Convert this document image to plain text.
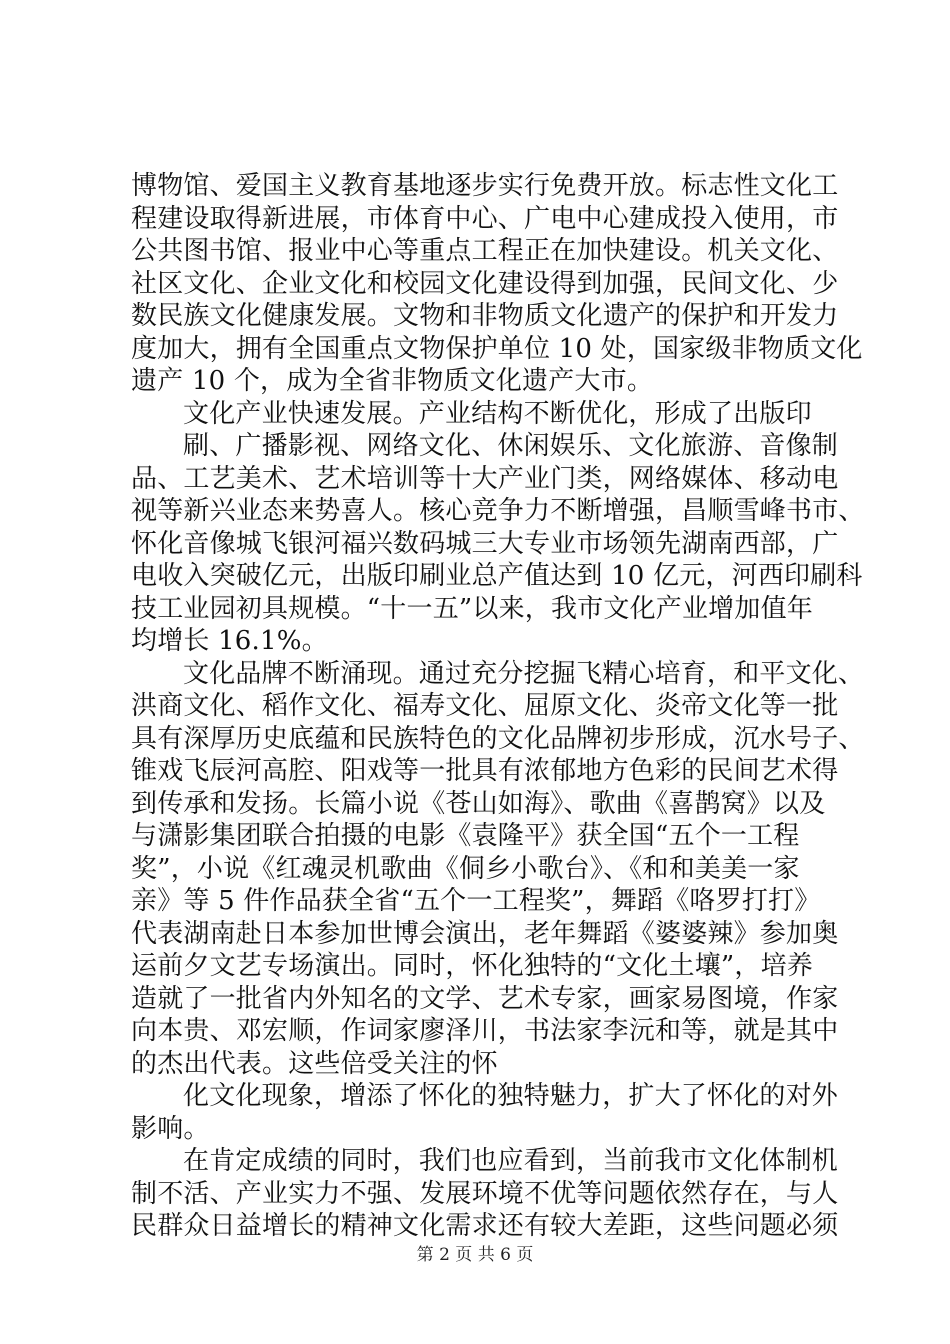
博物馆、爱国主义教育基地逐步实行免费开放。标志性文化工
程建设取得新进展，市体育中心、广电中心建成投入使用，市
公共图书馆、报业中心等重点工程正在加快建设。机关文化、
社区文化、企业文化和校园文化建设得到加强，民间文化、少
数民族文化健康发展。文物和非物质文化遗产的保护和开发力
度加大，拥有全国重点文物保护单位 10 处，国家级非物质文化
遗产 10 个，成为全省非物质文化遗产大市。
文化产业快速发展。产业结构不断优化，形成了出版印
刷、广播影视、网络文化、休闲娱乐、文化旅游、音像制
品、工艺美术、艺术培训等十大产业门类，网络媒体、移动电
视等新兴业态来势喜人。核心竞争力不断增强，昌顺雪峰书市、
怀化音像城飞银河福兴数码城三大专业市场领先湖南西部，广
电收入突破亿元，出版印刷业总产值达到 10 亿元，河西印刷科
技工业园初具规模。“十一五”以来，我市文化产业增加值年
均增长 16.1%。
文化品牌不断涌现。通过充分挖掘飞精心培育，和平文化、
洪商文化、稻作文化、福寿文化、屈原文化、炎帝文化等一批
具有深厚历史底蕴和民族特色的文化品牌初步形成，沉水号子、
锥戏飞辰河高腔、阳戏等一批具有浓郁地方色彩的民间艺术得
到传承和发扬。长篇小说《苍山如海》、歌曲《喜鹊窝》以及
与潇影集团联合拍摄的电影《袁隆平》获全国“五个一工程
奖”，小说《红魂灵机歌曲《侗乡小歌台》、《和和美美一家
亲》等 5 件作品获全省“五个一工程奖”，舞蹈《咯罗打打》
代表湖南赴日本参加世博会演出，老年舞蹈《婆婆辣》参加奥
运前夕文艺专场演出。同时，怀化独特的“文化土壤”，培养
造就了一批省内外知名的文学、艺术专家，画家易图境，作家
向本贵、邓宏顺，作词家廖泽川，书法家李沅和等，就是其中
的杰出代表。这些倍受关注的怀
化文化现象，增添了怀化的独特魅力，扩大了怀化的对外
影响。
在肯定成绩的同时，我们也应看到，当前我市文化体制机
制不活、产业实力不强、发展环境不优等问题依然存在，与人
民群众日益增长的精神文化需求还有较大差距，这些问题必须
第 2 页 共 6 页
